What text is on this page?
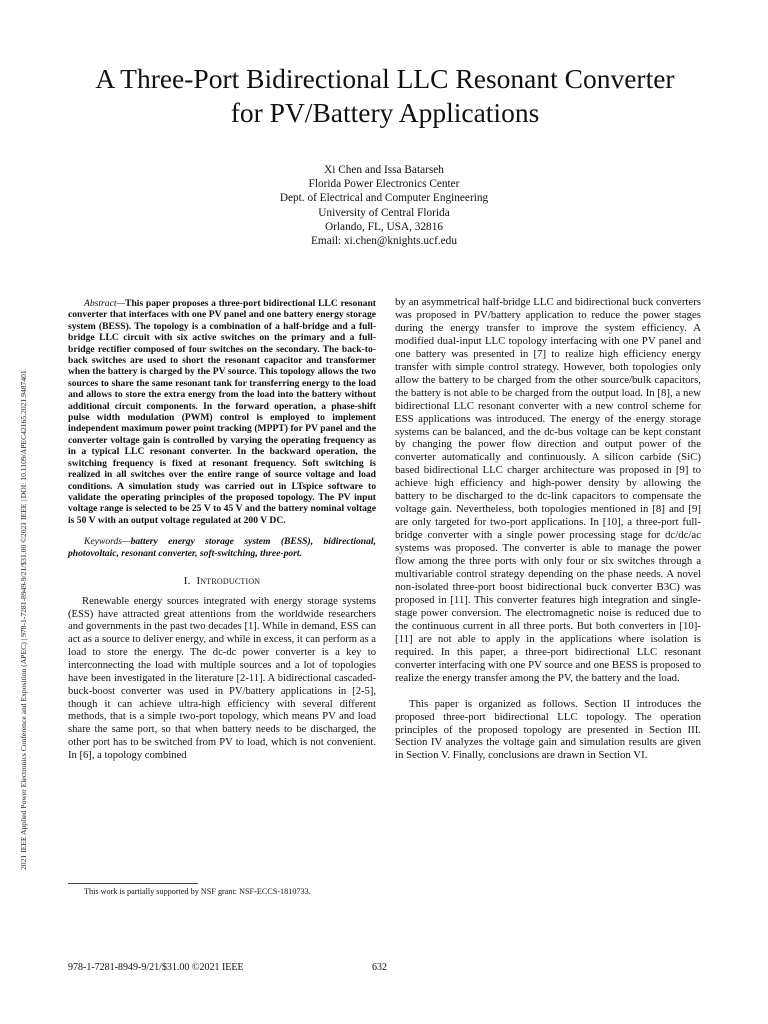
2021 IEEE Applied Power Electronics Conference and Exposition (APEC) | 978-1-7281-8949-9/21/$31.00 ©2021 IEEE | DOI: 10.1109/APEC42165.2021.9487401
A Three-Port Bidirectional LLC Resonant Converter
for PV/Battery Applications
Xi Chen and Issa Batarseh
Florida Power Electronics Center
Dept. of Electrical and Computer Engineering
University of Central Florida
Orlando, FL, USA, 32816
Email: xi.chen@knights.ucf.edu

Abstract—This paper proposes a three-port bidirectional LLC resonant converter that interfaces with one PV panel and one battery energy storage system (BESS). The topology is a combination of a half-bridge and a full-bridge LLC circuit with six active switches on the primary and a full-bridge rectifier composed of four switches on the secondary. The back-to-back switches are used to short the resonant capacitor and transformer when the battery is charged by the PV source. This topology allows the two sources to share the same resonant tank for transferring energy to the load and allows to store the extra energy from the load into the battery without additional circuit components. In the forward operation, a phase-shift pulse width modulation (PWM) control is employed to implement independent maximum power point tracking (MPPT) for PV panel and the converter voltage gain is controlled by varying the operating frequency as in a typical LLC resonant converter. In the backward operation, the switching frequency is fixed at resonant frequency. Soft switching is realized in all switches over the entire range of source voltage and load conditions. A simulation study was carried out in LTspice software to validate the operating principles of the proposed topology. The PV input voltage range is selected to be 25 V to 45 V and the battery nominal voltage is 50 V with an output voltage regulated at 200 V DC.

Keywords—battery energy storage system (BESS), bidirectional, photovoltaic, resonant converter, soft-switching, three-port.

I. Introduction

Renewable energy sources integrated with energy storage systems (ESS) have attracted great attentions from the worldwide researchers and governments in the past two decades [1]. While in demand, ESS can act as a source to deliver energy, and while in excess, it can perform as a load to store the energy. The dc-dc power converter is a key to interconnecting the load with multiple sources and a lot of topologies have been investigated in the literature [2-11]. A bidirectional cascaded-buck-boost converter was used in PV/battery applications in [2-5], though it can achieve ultra-high efficiency with several different methods, that is a simple two-port topology, which means PV and load share the same port, so that when battery needs to be discharged, the other port has to be switched from PV to load, which is not convenient. In [6], a topology combined

by an asymmetrical half-bridge LLC and bidirectional buck converters was proposed in PV/battery application to reduce the power stages during the energy transfer to improve the system efficiency. A modified dual-input LLC topology interfacing with one PV panel and one battery was presented in [7] to realize high efficiency energy transfer with simple control strategy. However, both topologies only allow the battery to be charged from the other source/bulk capacitors, the battery is not able to be charged from the output load. In [8], a new bidirectional LLC resonant converter with a new control scheme for ESS applications was introduced. The energy of the energy storage systems can be balanced, and the dc-bus voltage can be kept constant by changing the power flow direction and output power of the converter automatically and continuously. A silicon carbide (SiC) based bidirectional LLC charger architecture was proposed in [9] to achieve high efficiency and high-power density by allowing the battery to be discharged to the dc-link capacitors to compensate the voltage gain. Nevertheless, both topologies mentioned in [8] and [9] are only targeted for two-port applications. In [10], a three-port full-bridge converter with a single power processing stage for dc/dc/ac systems was proposed. The converter is able to manage the power flow among the three ports with only four or six switches through a multivariable control strategy depending on the phase needs. A novel non-isolated three-port boost bidirectional buck converter B3C) was proposed in [11]. This converter features high integration and single-stage power conversion. The electromagnetic noise is reduced due to the continuous current in all three ports. But both converters in [10]-[11] are not able to apply in the applications where isolation is required. In this paper, a three-port bidirectional LLC resonant converter interfacing with one PV source and one BESS is proposed to realize the energy transfer among the PV, the battery and the load.

This paper is organized as follows. Section II introduces the proposed three-port bidirectional LLC topology. The operation principles of the proposed topology are presented in Section III. Section IV analyzes the voltage gain and simulation results are given in Section V. Finally, conclusions are drawn in Section VI.

This work is partially supported by NSF grant: NSF-ECCS-1810733.
978-1-7281-8949-9/21/$31.00 ©2021 IEEE	632
